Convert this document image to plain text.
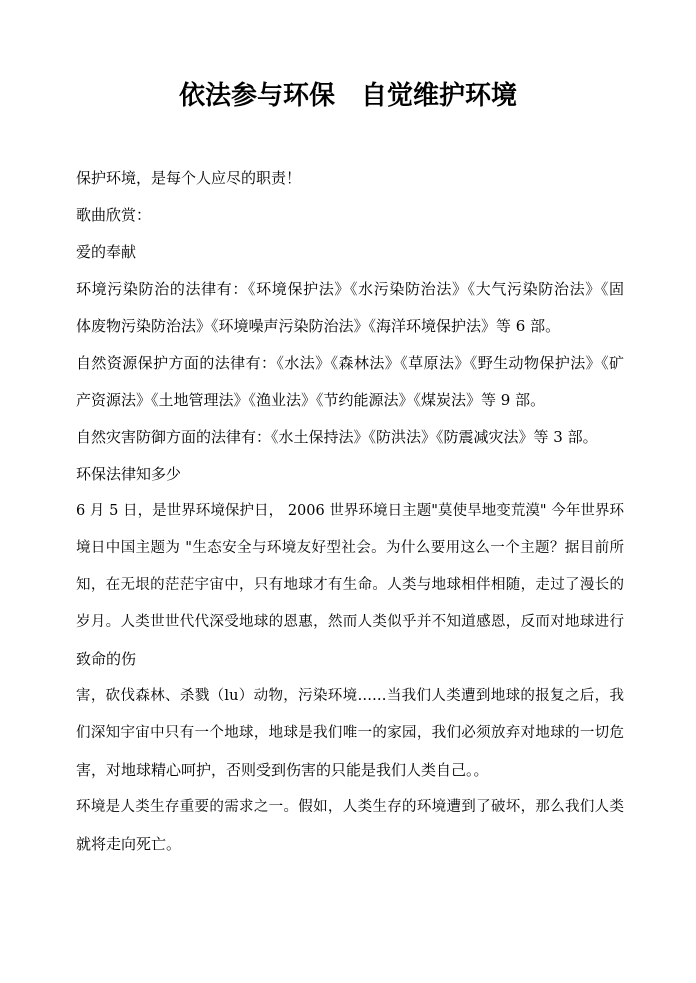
依法参与环保　自觉维护环境

保护环境，是每个人应尽的职责！

歌曲欣赏：

爱的奉献

环境污染防治的法律有：《环境保护法》《水污染防治法》《大气污染防治法》《固

体废物污染防治法》《环境噪声污染防治法》《海洋环境保护法》等 6 部。

自然资源保护方面的法律有：《水法》《森林法》《草原法》《野生动物保护法》《矿

产资源法》《土地管理法》《渔业法》《节约能源法》《煤炭法》等 9 部。

自然灾害防御方面的法律有：《水土保持法》《防洪法》《防震减灾法》等 3 部。

环保法律知多少

6 月 5 日，是世界环境保护日， 2006 世界环境日主题"莫使旱地变荒漠" 今年世界环

境日中国主题为 "生态安全与环境友好型社会。为什么要用这么一个主题？据目前所

知，在无垠的茫茫宇宙中，只有地球才有生命。人类与地球相伴相随，走过了漫长的

岁月。人类世世代代深受地球的恩惠，然而人类似乎并不知道感恩，反而对地球进行

致命的伤

害，砍伐森林、杀戮（lu）动物，污染环境……当我们人类遭到地球的报复之后，我

们深知宇宙中只有一个地球，地球是我们唯一的家园，我们必须放弃对地球的一切危

害，对地球精心呵护，否则受到伤害的只能是我们人类自己。。

环境是人类生存重要的需求之一。假如，人类生存的环境遭到了破坏，那么我们人类

就将走向死亡。
